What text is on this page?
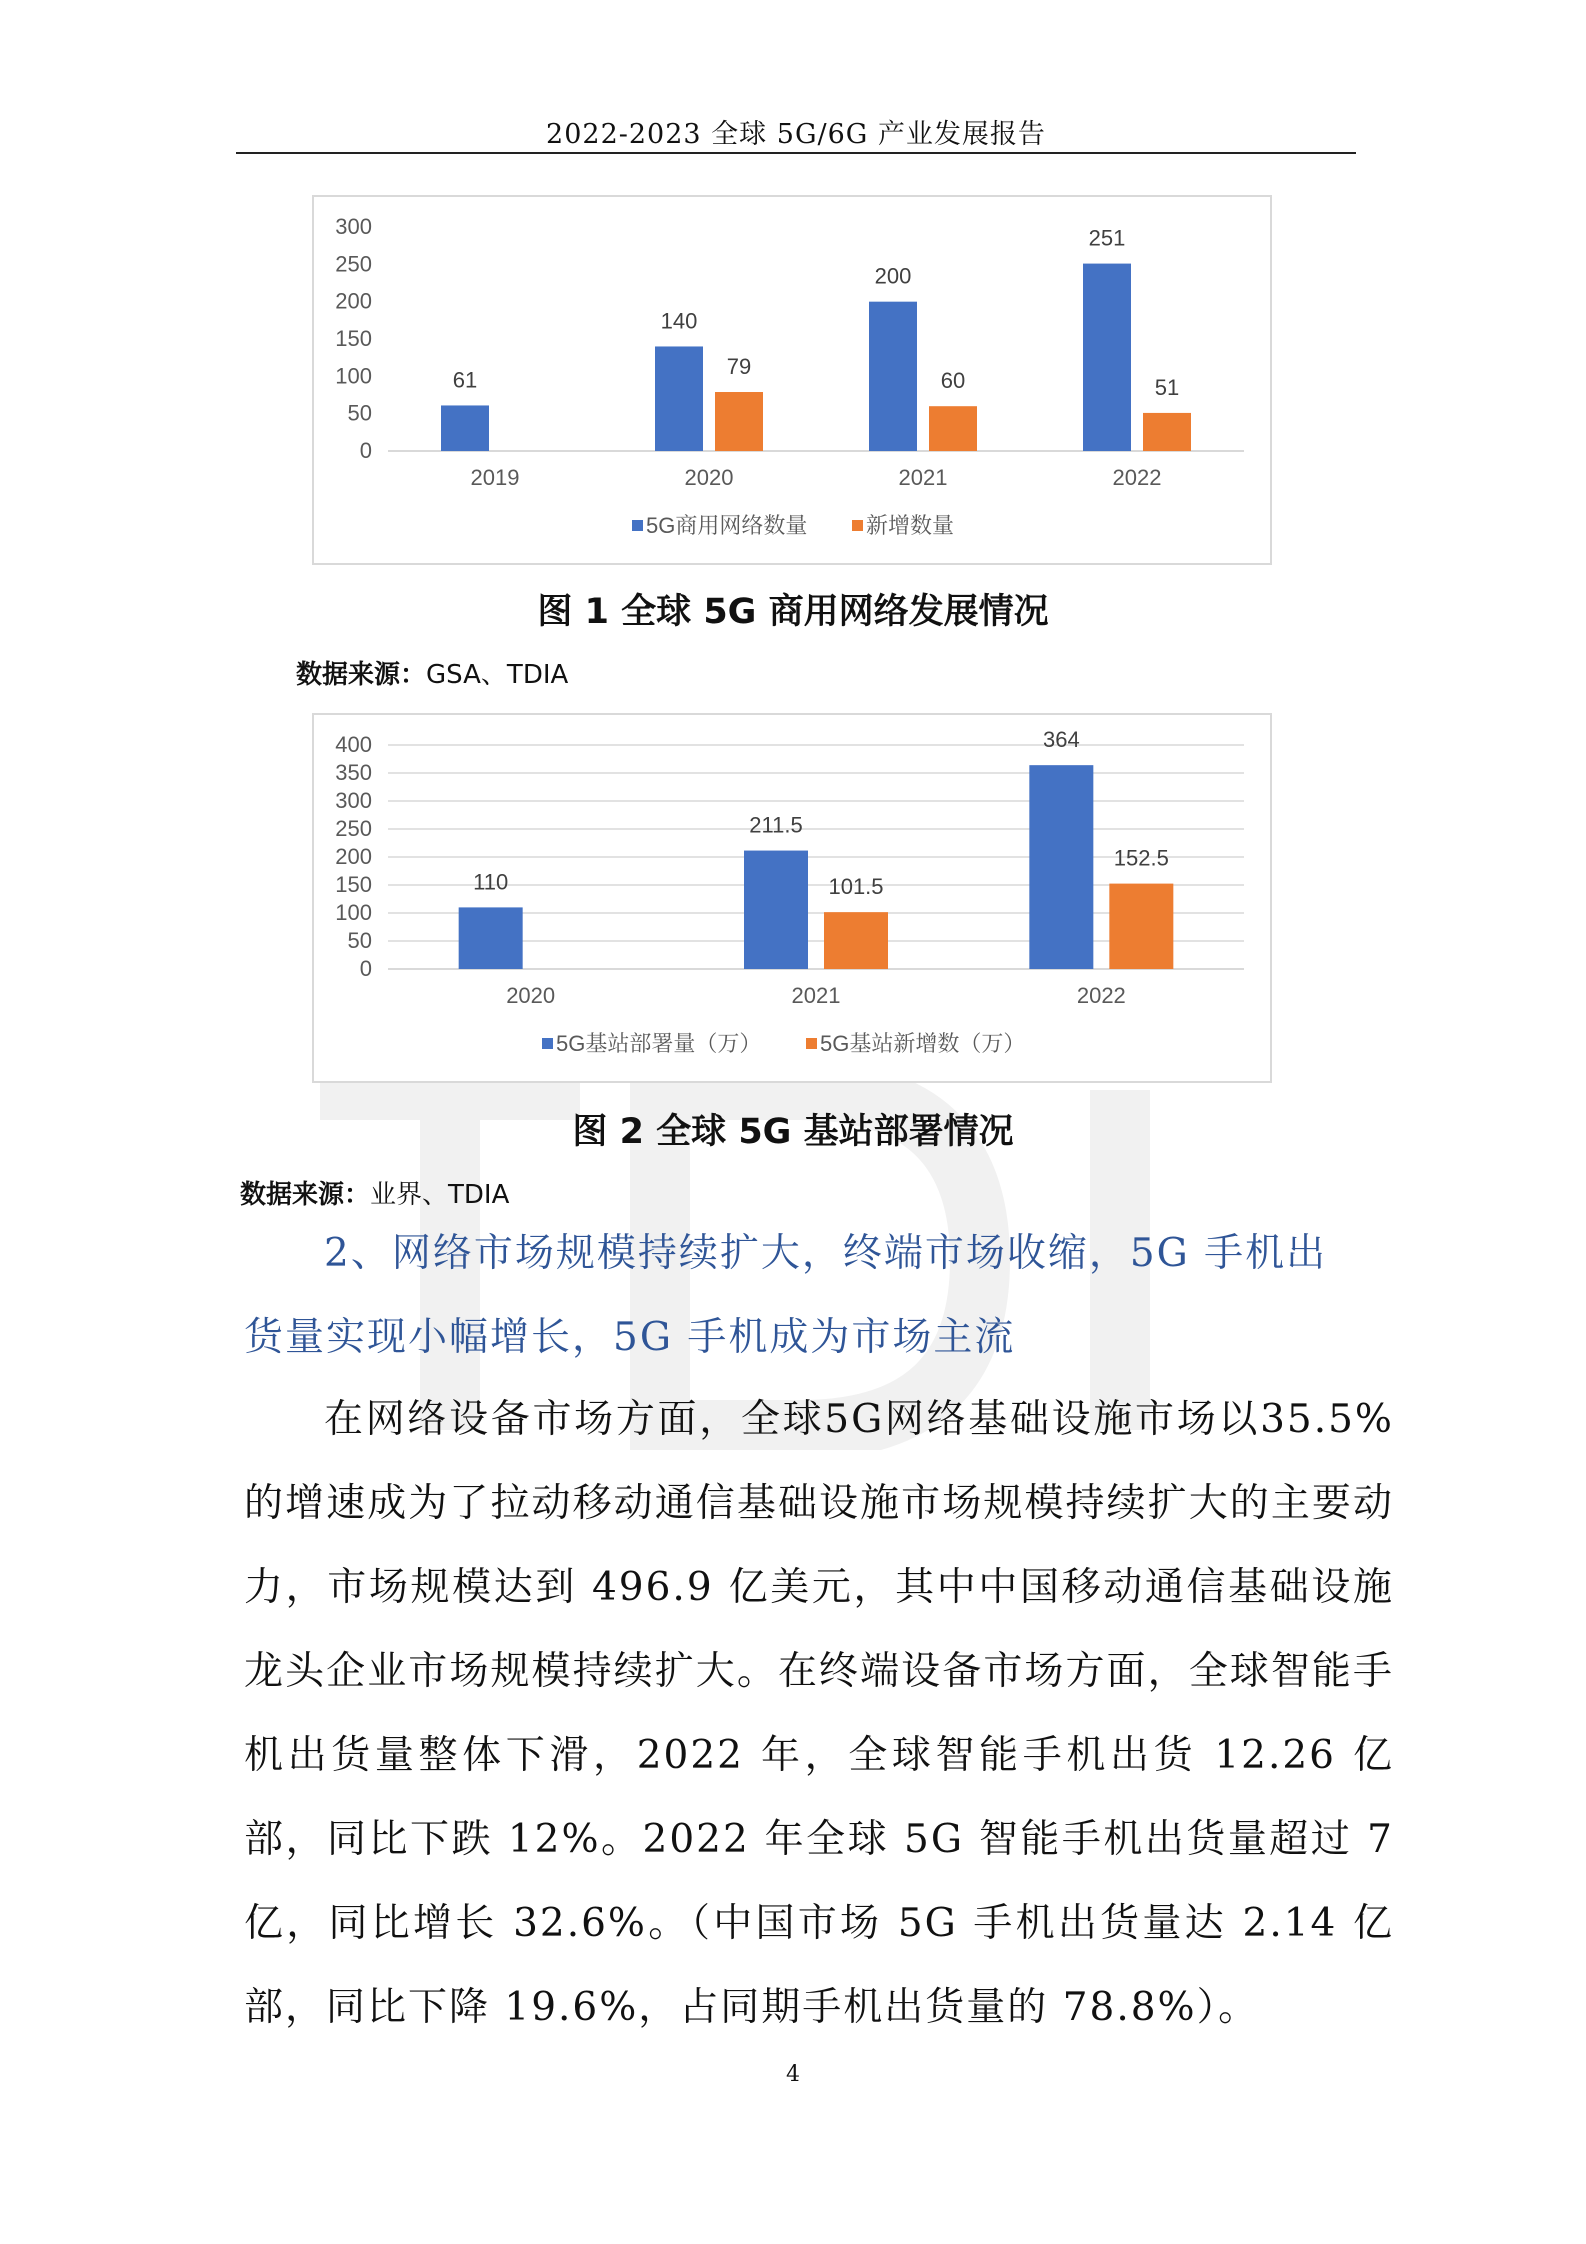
2022-2023 全球 5G/6G 产业发展报告
0
50
100
150
200
250
300
61
2019
140
79
2020
200
60
2021
251
51
2022
5G商用网络数量	新增数量
图 1 全球 5G 商用网络发展情况
数据来源：GSA、TDIA
0
50
100
150
200
250
300
350
400
110
2020
211.5
101.5
2021
364
152.5
2022
5G基站部署量（万）	5G基站新增数（万）
图 2 全球 5G 基站部署情况
数据来源：业界、TDIA
2、网络市场规模持续扩大，终端市场收缩，5G 手机出货量实现小幅增长，5G 手机成为市场主流
在网络设备市场方面，全球5G网络基础设施市场以35.5%的增速成为了拉动移动通信基础设施市场规模持续扩大的主要动力，市场规模达到 496.9 亿美元，其中中国移动通信基础设施龙头企业市场规模持续扩大。在终端设备市场方面，全球智能手机出货量整体下滑，2022 年，全球智能手机出货 12.26 亿部，同比下跌 12%。2022 年全球 5G 智能手机出货量超过 7 亿，同比增长 32.6%。（中国市场 5G 手机出货量达 2.14 亿部，同比下降 19.6%，占同期手机出货量的 78.8%）。
4
